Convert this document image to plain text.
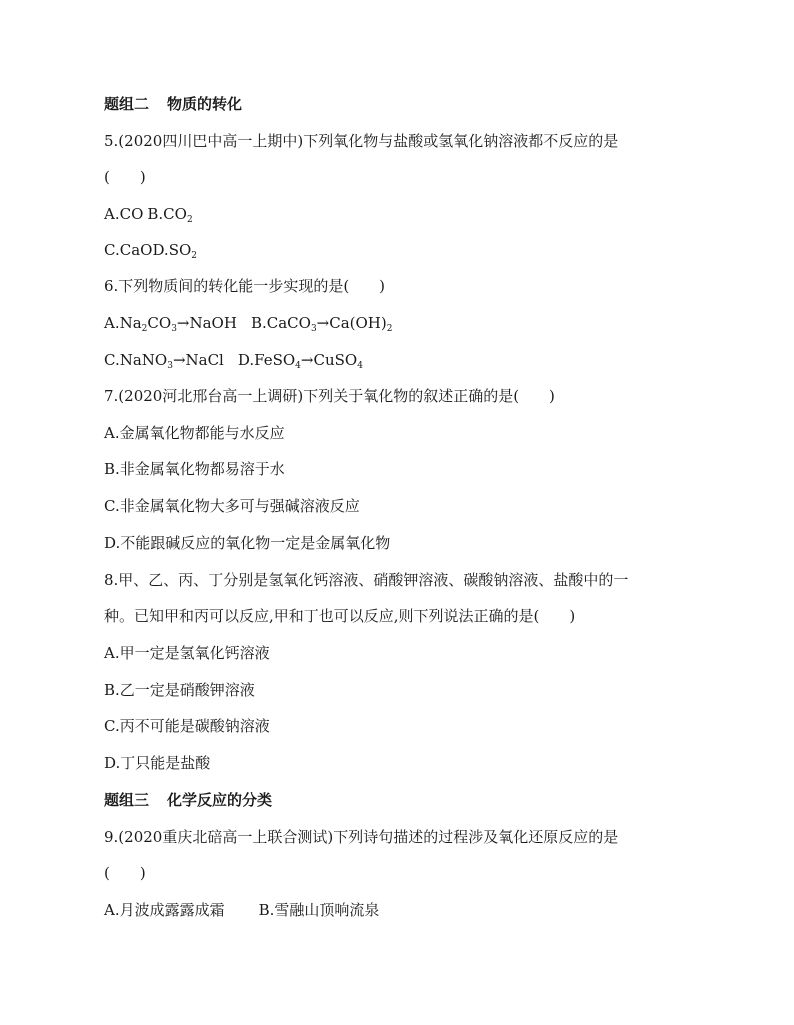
题组二 物质的转化
5.(2020四川巴中高一上期中)下列氧化物与盐酸或氢氧化钠溶液都不反应的是
(　　)
A.CO $B.CO_2$
$C.CaOD.SO_2$
6.下列物质间的转化能一步实现的是(　　)
$A.Na_2CO_3\to NaOH$ $B.CaCO_3\to Ca(OH)_2$
C.NaNO$_3$→NaCl D.FeSO$_4$→CuSO$_4$
7.(2020河北邢台高一上调研)下列关于氧化物的叙述正确的是(　　)
A.金属氧化物都能与水反应
B.非金属氧化物都易溶于水
C.非金属氧化物大多可与强碱溶液反应
D.不能跟碱反应的氧化物一定是金属氧化物
8.甲、乙、丙、丁分别是氢氧化钙溶液、硝酸钾溶液、碳酸钠溶液、盐酸中的一
种。已知甲和丙可以反应,甲和丁也可以反应,则下列说法正确的是(　　)
A.甲一定是氢氧化钙溶液
B.乙一定是硝酸钾溶液
C.丙不可能是碳酸钠溶液
D.丁只能是盐酸
题组三 化学反应的分类
9.(2020重庆北碚高一上联合测试)下列诗句描述的过程涉及氧化还原反应的是
(　　)
A.月波成露露成霜 B.雪融山顶响流泉
